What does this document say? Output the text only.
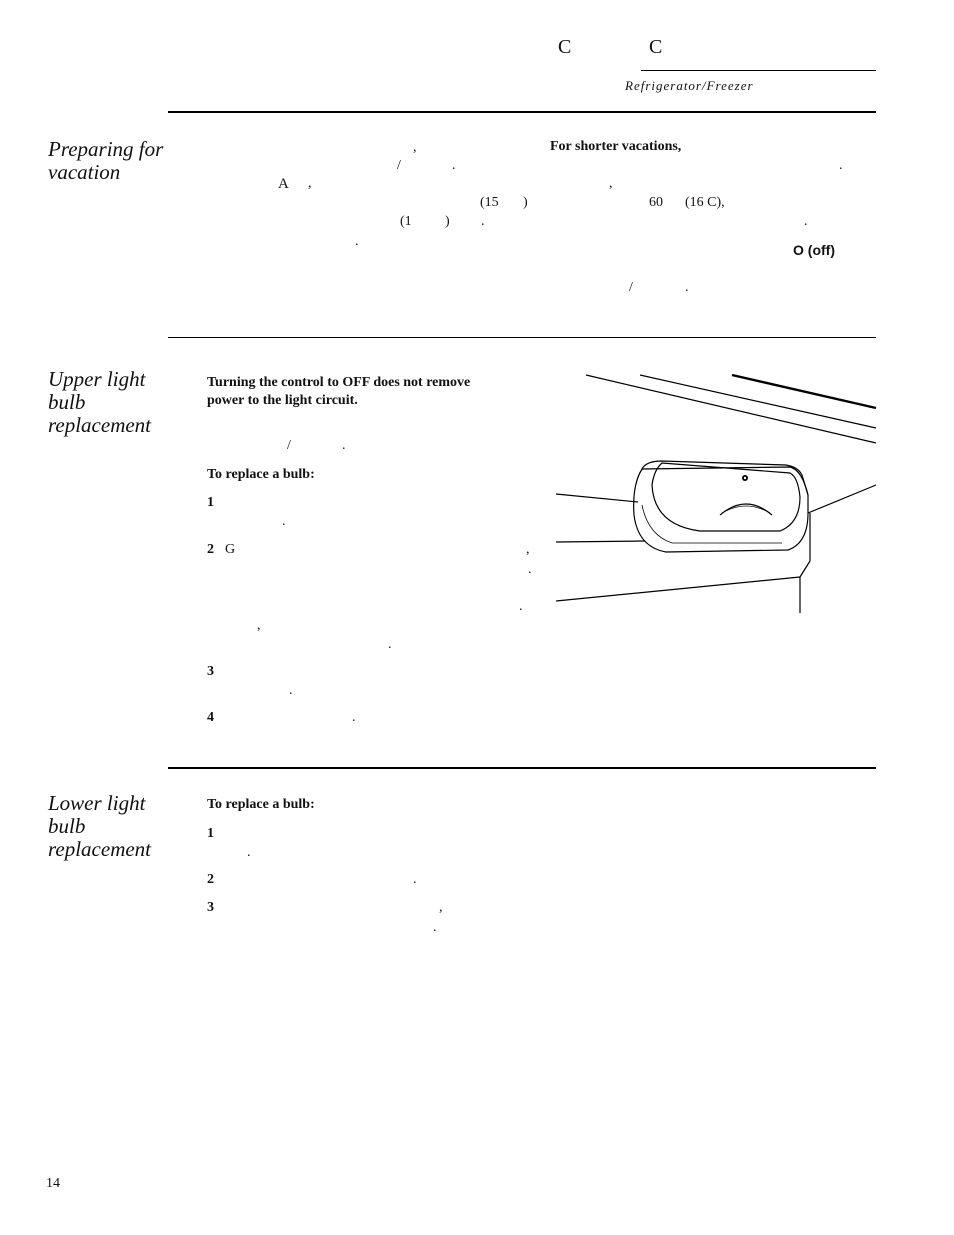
C	C
Refrigerator/Freezer
Preparing for vacation
,
/	.
A ,
(15 )
(1 ) .
.
For shorter vacations,
,
60 (16 C),
.
.
O (off)
/	.
Upper light bulb replacement
Turning the control to OFF does not remove power to the light circuit.
/	.
To replace a bulb:
1
.
2 G	,
.
.
,
.
3
.
4	.
Lower light bulb replacement
To replace a bulb:
1
.
2	.
3	,
.
14
